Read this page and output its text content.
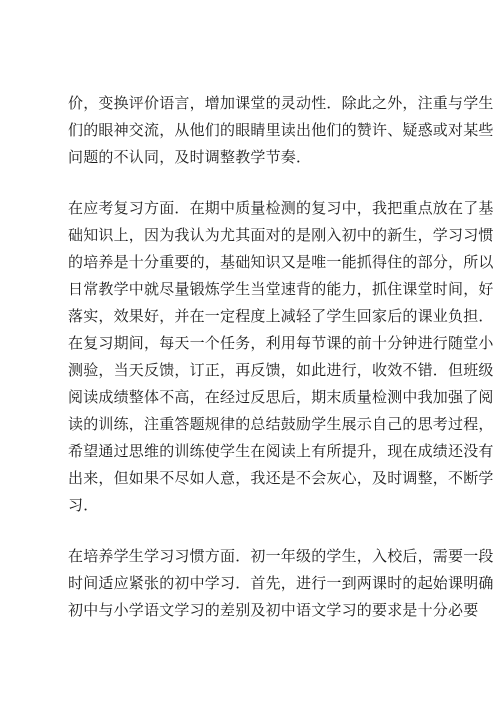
价，变换评价语言，增加课堂的灵动性．除此之外，注重与学生
们的眼神交流，从他们的眼睛里读出他们的赞许、疑惑或对某些
问题的不认同，及时调整教学节奏．
在应考复习方面．在期中质量检测的复习中，我把重点放在了基
础知识上，因为我认为尤其面对的是刚入初中的新生，学习习惯
的培养是十分重要的，基础知识又是唯一能抓得住的部分，所以
日常教学中就尽量锻炼学生当堂速背的能力，抓住课堂时间，好
落实，效果好，并在一定程度上减轻了学生回家后的课业负担．
在复习期间，每天一个任务，利用每节课的前十分钟进行随堂小
测验，当天反馈，订正，再反馈，如此进行，收效不错．但班级
阅读成绩整体不高，在经过反思后，期末质量检测中我加强了阅
读的训练，注重答题规律的总结鼓励学生展示自己的思考过程，
希望通过思维的训练使学生在阅读上有所提升，现在成绩还没有
出来，但如果不尽如人意，我还是不会灰心，及时调整，不断学
习．
在培养学生学习习惯方面．初一年级的学生，入校后，需要一段
时间适应紧张的初中学习．首先，进行一到两课时的起始课明确
初中与小学语文学习的差别及初中语文学习的要求是十分必要
